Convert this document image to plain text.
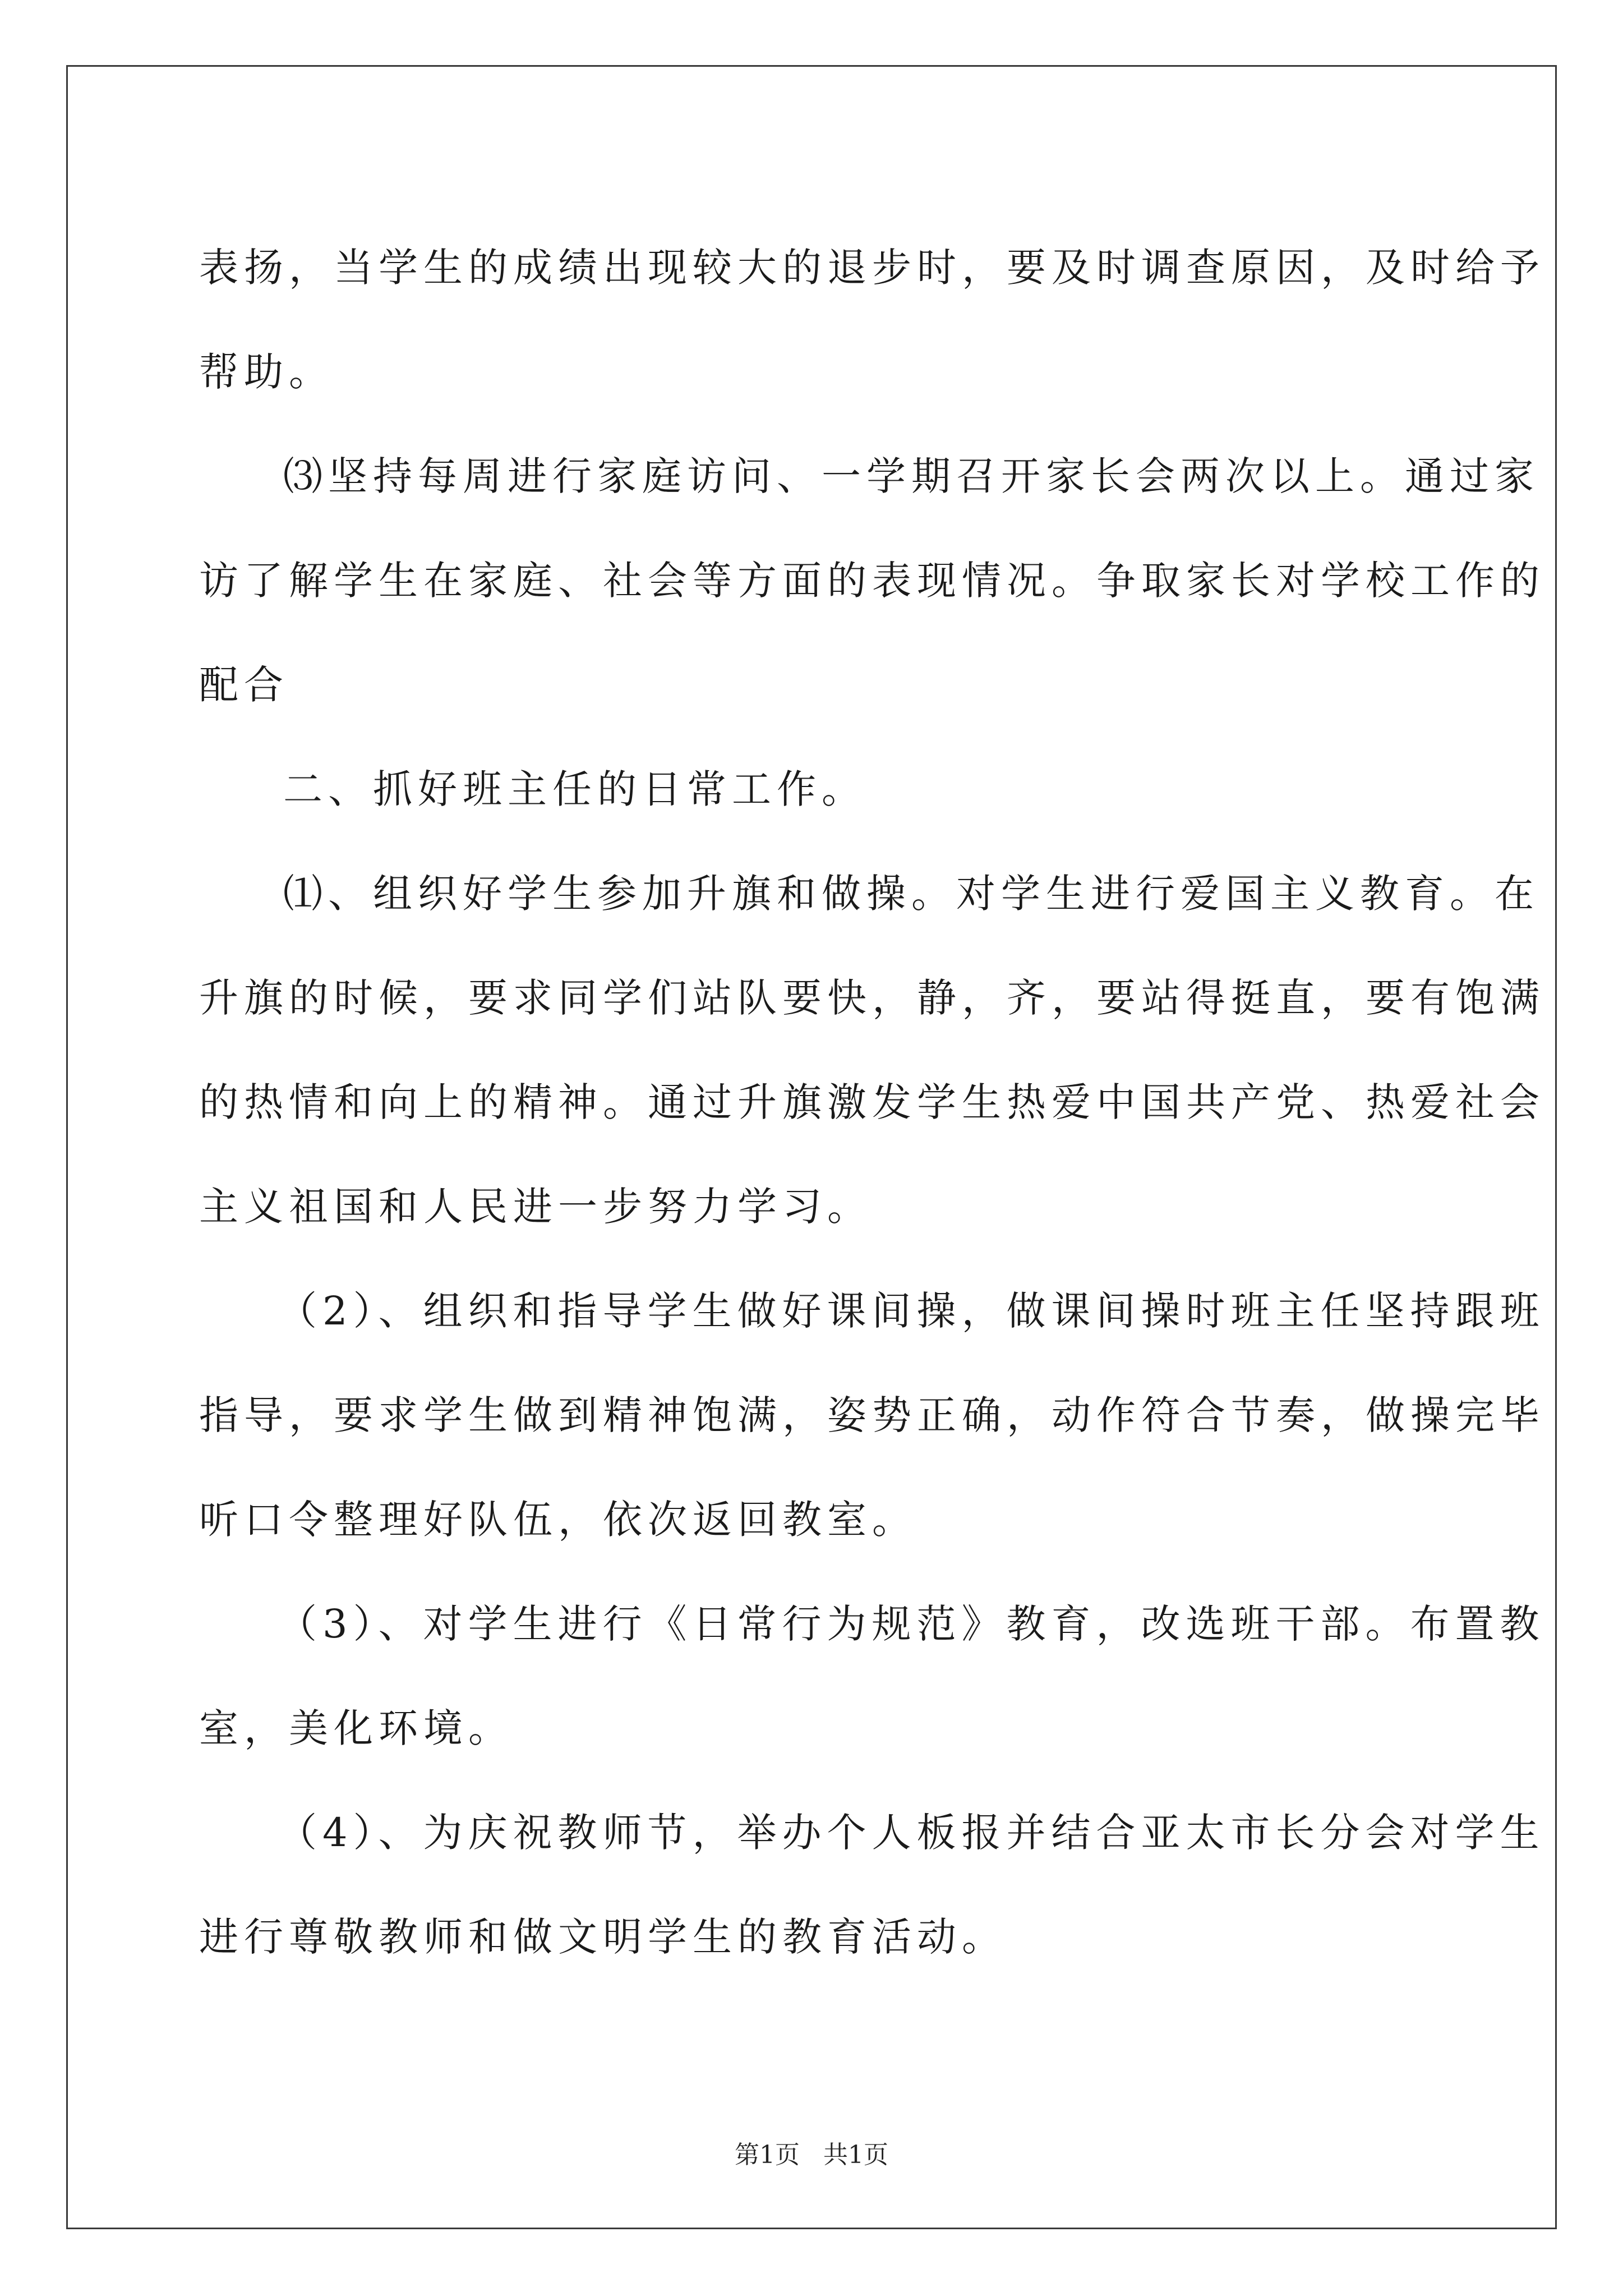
表扬，当学生的成绩出现较大的退步时，要及时调查原因，及时给予
帮助。

⑶坚持每周进行家庭访问、一学期召开家长会两次以上。通过家
访了解学生在家庭、社会等方面的表现情况。争取家长对学校工作的
配合

二、抓好班主任的日常工作。

⑴、组织好学生参加升旗和做操。对学生进行爱国主义教育。在
升旗的时候，要求同学们站队要快，静，齐，要站得挺直，要有饱满
的热情和向上的精神。通过升旗激发学生热爱中国共产党、热爱社会
主义祖国和人民进一步努力学习。

（2）、组织和指导学生做好课间操，做课间操时班主任坚持跟班
指导，要求学生做到精神饱满，姿势正确，动作符合节奏，做操完毕
听口令整理好队伍，依次返回教室。

（3）、对学生进行《日常行为规范》教育，改选班干部。布置教
室，美化环境。

（4）、为庆祝教师节，举办个人板报并结合亚太市长分会对学生
进行尊敬教师和做文明学生的教育活动。

第1页   共1页
